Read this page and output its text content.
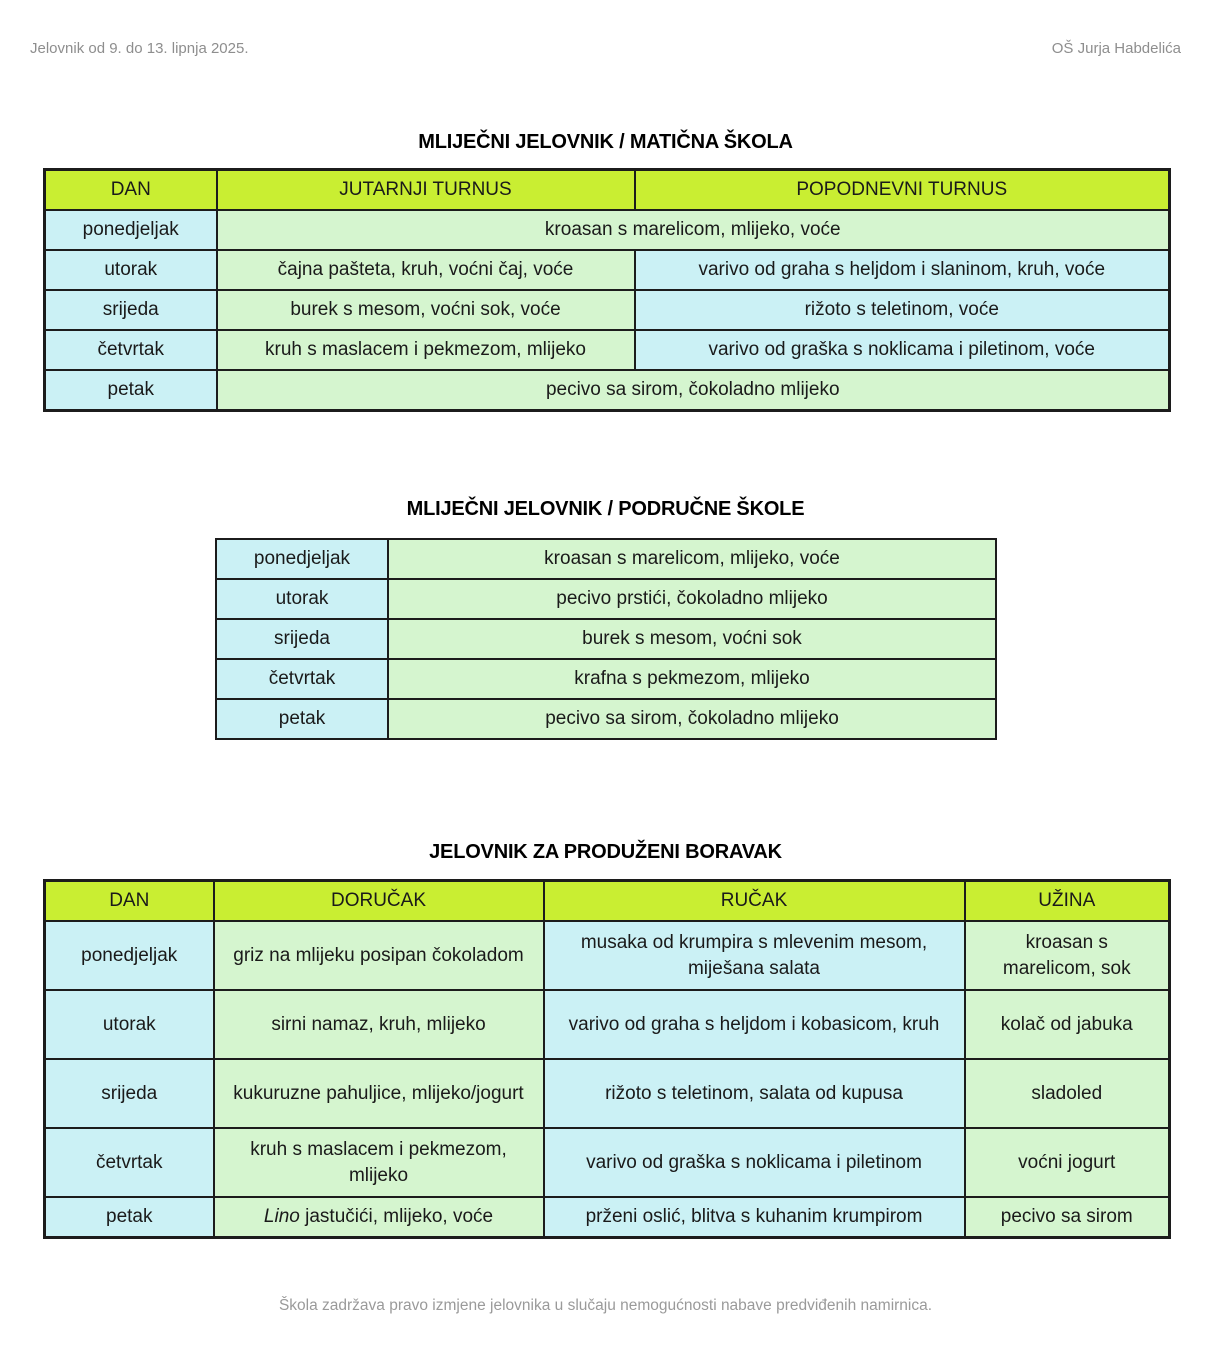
Jelovnik od 9. do 13. lipnja 2025.	OŠ Jurja Habdelića
MLIJEČNI JELOVNIK / MATIČNA ŠKOLA
DAN	JUTARNJI TURNUS	POPODNEVNI TURNUS
ponedjeljak	kroasan s marelicom, mlijeko, voće	
utorak	čajna pašteta, kruh, voćni čaj, voće	varivo od graha s heljdom i slaninom, kruh, voće
srijeda	burek s mesom, voćni sok, voće	rižoto s teletinom, voće
četvrtak	kruh s maslacem i pekmezom, mlijeko	varivo od graška s noklicama i piletinom, voće
petak	pecivo sa sirom, čokoladno mlijeko	
MLIJEČNI JELOVNIK / PODRUČNE ŠKOLE
ponedjeljak	kroasan s marelicom, mlijeko, voće
utorak	pecivo prstići, čokoladno mlijeko
srijeda	burek s mesom, voćni sok
četvrtak	krafna s pekmezom, mlijeko
petak	pecivo sa sirom, čokoladno mlijeko
JELOVNIK ZA PRODUŽENI BORAVAK
DAN	DORUČAK	RUČAK	UŽINA
ponedjeljak	griz na mlijeku posipan čokoladom	musaka od krumpira s mlevenim mesom, miješana salata	kroasan s marelicom, sok
utorak	sirni namaz, kruh, mlijeko	varivo od graha s heljdom i kobasicom, kruh	kolač od jabuka
srijeda	kukuruzne pahuljice, mlijeko/jogurt	rižoto s teletinom, salata od kupusa	sladoled
četvrtak	kruh s maslacem i pekmezom, mlijeko	varivo od graška s noklicama i piletinom	voćni jogurt
petak	Lino jastučići, mlijeko, voće	prženi oslić, blitva s kuhanim krumpirom	pecivo sa sirom
Škola zadržava pravo izmjene jelovnika u slučaju nemogućnosti nabave predviđenih namirnica.
